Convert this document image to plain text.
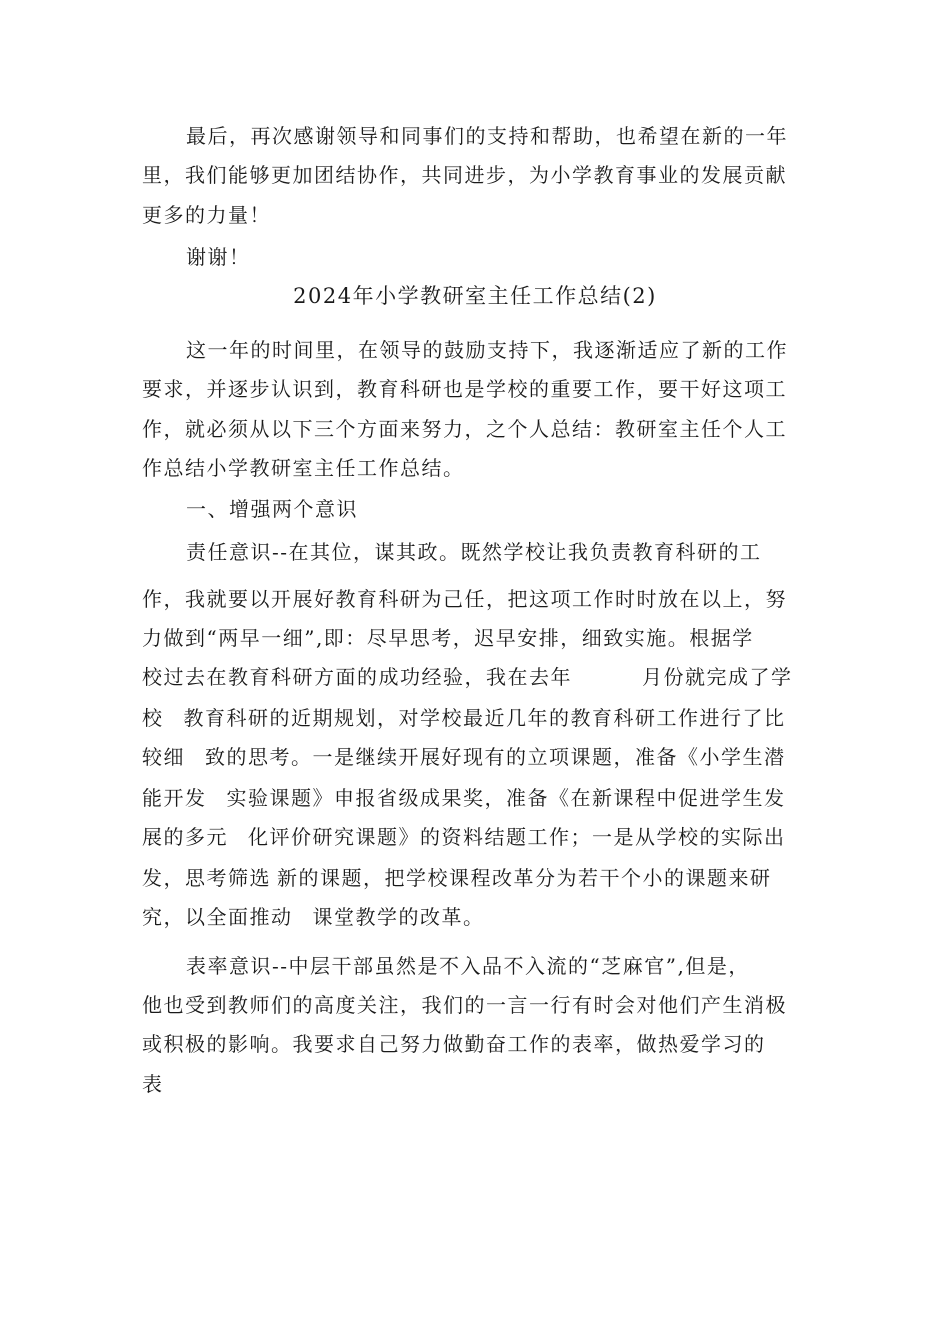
最后，再次感谢领导和同事们的支持和帮助，也希望在新的一年
里，我们能够更加团结协作，共同进步，为小学教育事业的发展贡献
更多的力量！
谢谢！
2024年小学教研室主任工作总结(2)
这一年的时间里，在领导的鼓励支持下，我逐渐适应了新的工作
要求，并逐步认识到，教育科研也是学校的重要工作，要干好这项工
作，就必须从以下三个方面来努力，之个人总结：教研室主任个人工
作总结小学教研室主任工作总结。
一、增强两个意识
责任意识--在其位，谋其政。既然学校让我负责教育科研的工
作，我就要以开展好教育科研为己任，把这项工作时时放在以上，努
力做到“两早一细”,即：尽早思考，迟早安排，细致实施。根据学
校过去在教育科研方面的成功经验，我在去年	月份就完成了学
校 教育科研的近期规划，对学校最近几年的教育科研工作进行了比
较细 致的思考。一是继续开展好现有的立项课题，准备《小学生潜
能开发 实验课题》申报省级成果奖，准备《在新课程中促进学生发
展的多元 化评价研究课题》的资料结题工作；一是从学校的实际出
发，思考筛选 新的课题，把学校课程改革分为若干个小的课题来研
究，以全面推动 课堂教学的改革。
表率意识--中层干部虽然是不入品不入流的“芝麻官”,但是，
他也受到教师们的高度关注，我们的一言一行有时会对他们产生消极
或积极的影响。我要求自己努力做勤奋工作的表率，做热爱学习的
表
